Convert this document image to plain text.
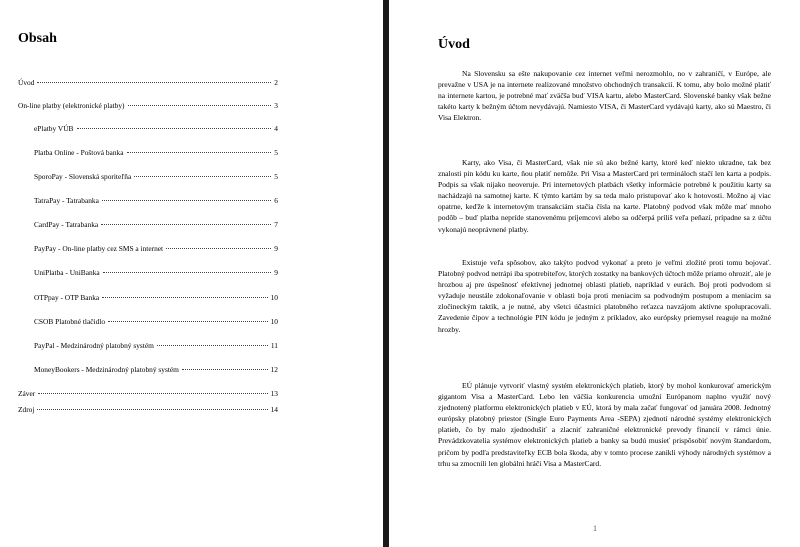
Obsah
Úvod	2
On-line platby (elektronické platby)	3
ePlatby VÚB	4
Platba Online - Poštová banka	5
SporoPay - Slovenská sporiteľňa	5
TatraPay - Tatrabanka	6
CardPay - Tatrabanka	7
PayPay - On-line platby cez SMS a internet	9
UniPlatba - UniBanka	9
OTPpay - OTP Banka	10
CSOB Platobné tlačidlo	10
PayPal - Medzinárodný platobný systém	11
MoneyBookers - Medzinárodný platobný systém	12
Záver	13
Zdroj	14
Úvod

Na Slovensku sa ešte nakupovanie cez internet veľmi nerozmohlo, no v zahraničí, v Európe, ale prevažne v USA je na internete realizované množstvo obchodných transakcií. K tomu, aby bolo možné platiť na internete kartou, je potrebné mať zväčša buď VISA kartu, alebo MasterCard. Slovenské banky však bežne takéto karty k bežným účtom nevydávajú. Namiesto VISA, či MasterCard vydávajú karty, ako sú Maestro, či Visa Elektron.

Karty, ako Visa, či MasterCard, však nie sú ako bežné karty, ktoré keď niekto ukradne, tak bez znalosti pin kódu ku karte, ňou platiť nemôže. Pri Visa a MasterCard pri termináloch stačí len karta a podpis. Podpis sa však nijako neoveruje. Pri internetových platbách všetky informácie potrebné k použitiu karty sa nachádzajú na samotnej karte. K týmto kartám by sa teda malo pristupovať ako k hotovosti. Možno aj viac opatrne, keďže k internetovým transakciám stačia čísla na karte. Platobný podvod však môže mať mnoho podôb – buď platba nepríde stanovenému príjemcovi alebo sa odčerpá príliš veľa peňazí, prípadne sa z účtu vykonajú neoprávnené platby.

Existuje veľa spôsobov, ako takýto podvod vykonať a preto je veľmi zložité proti tomu bojovať. Platobný podvod netrápi iba spotrebiteľov, ktorých zostatky na bankových účtoch môže priamo ohroziť, ale je hrozbou aj pre úspešnosť efektívnej jednotnej oblasti platieb, napríklad v eurách. Boj proti podvodom si vyžaduje neustále zdokonaľovanie v oblasti boja proti meniacim sa podvodným postupom a meniacim sa zločineckým taktík, a je nutné, aby všetci účastníci platobného reťazca navzájom aktívne spolupracovali. Zavedenie čipov a technológie PIN kódu je jedným z príkladov, ako európsky priemysel reaguje na možné hrozby.

EÚ plánuje vytvoriť vlastný systém elektronických platieb, ktorý by mohol konkurovať americkým gigantom Visa a MasterCard. Lebo len väčšia konkurencia umožní Európanom naplno využiť nový zjednotený platformu elektronických platieb v EÚ, ktorá by mala začať fungovať od januára 2008. Jednotný európsky platobný priestor (Single Euro Payments Area -SEPA) zjednotí národné systémy elektronických platieb, čo by malo zjednodušiť a zlacniť zahraničné elektronické prevody financií v rámci únie. Prevádzkovatelia systémov elektronických platieb a banky sa budú musieť prispôsobiť novým štandardom, pričom by podľa predstaviteľky ECB bola škoda, aby v tomto procese zanikli výhody národných systémov a trhu sa zmocnili len globálni hráči Visa a MasterCard.

1
